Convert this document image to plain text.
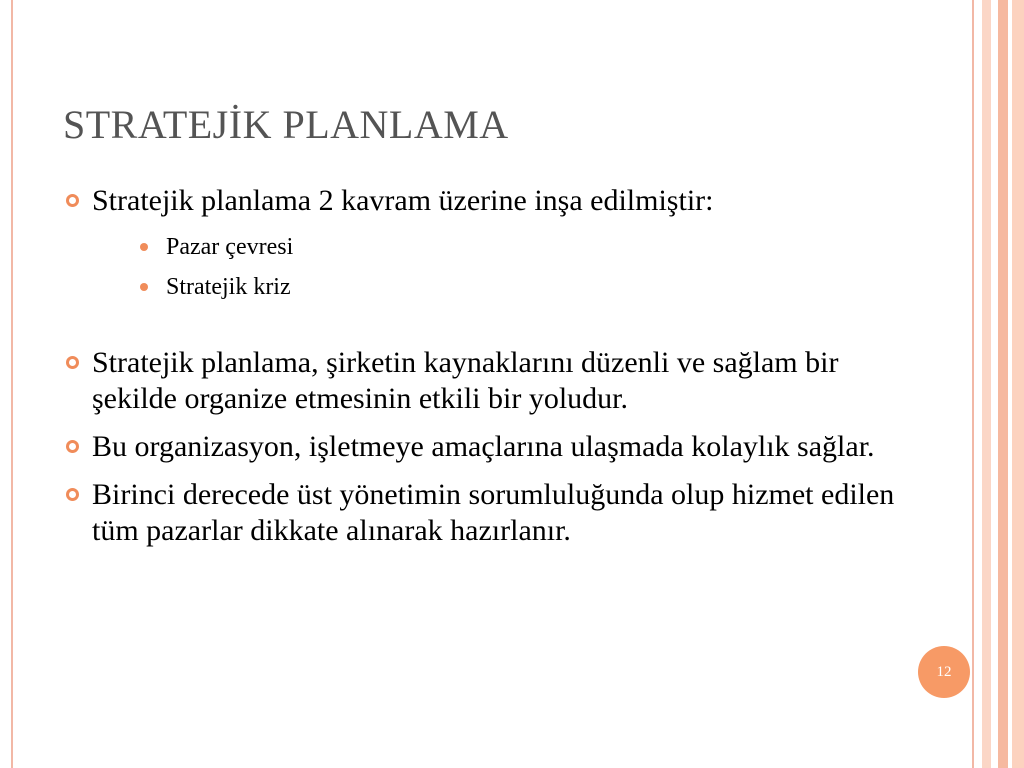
STRATEJİK PLANLAMA
Stratejik planlama 2 kavram üzerine inşa edilmiştir:
Pazar çevresi
Stratejik kriz
Stratejik planlama, şirketin kaynaklarını düzenli ve sağlam bir şekilde organize etmesinin etkili bir yoludur.
Bu organizasyon, işletmeye amaçlarına ulaşmada kolaylık sağlar.
Birinci derecede üst yönetimin sorumluluğunda olup hizmet edilen tüm pazarlar dikkate alınarak hazırlanır.
12
